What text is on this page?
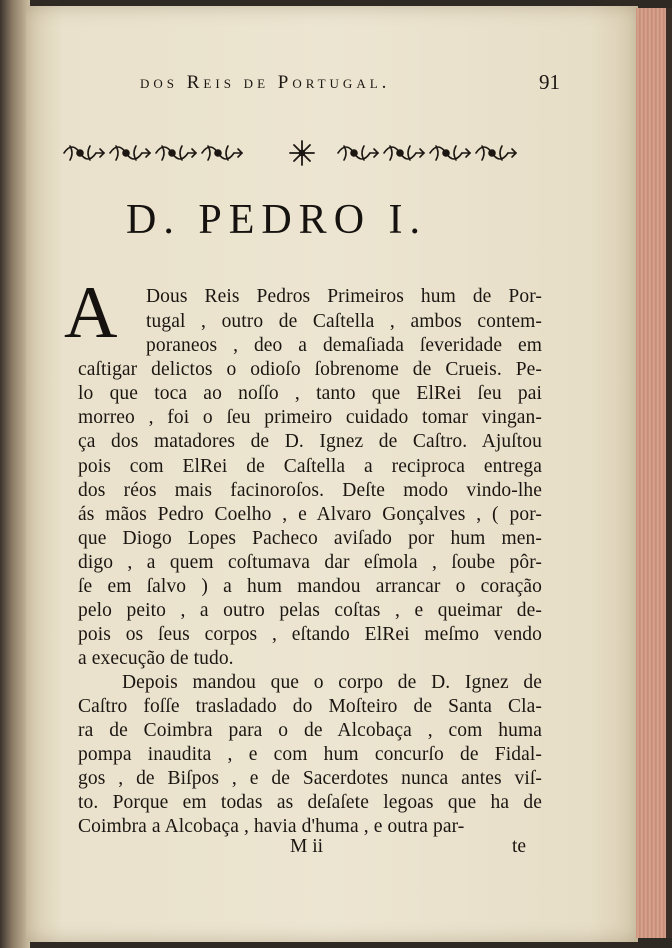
dos Reis de Portugal.	91
D. PEDRO I.
A Dous Reis Pedros Primeiros hum de Por-
tugal , outro de Caſtella , ambos contem-
poraneos , deo a demaſiada ſeveridade em
caſtigar delictos o odioſo ſobrenome de Crueis. Pe-
lo que toca ao noſſo , tanto que ElRei ſeu pai
morreo , foi o ſeu primeiro cuidado tomar vingan-
ça dos matadores de D. Ignez de Caſtro. Ajuſtou
pois com ElRei de Caſtella a reciproca entrega
dos réos mais facinoroſos. Deſte modo vindo-lhe
ás mãos Pedro Coelho , e Alvaro Gonçalves , ( por-
que Diogo Lopes Pacheco aviſado por hum men-
digo , a quem coſtumava dar eſmola , ſoube pôr-
ſe em ſalvo ) a hum mandou arrancar o coração
pelo peito , a outro pelas coſtas , e queimar de-
pois os ſeus corpos , eſtando ElRei meſmo vendo
a execução de tudo.
Depois mandou que o corpo de D. Ignez de
Caſtro foſſe trasladado do Moſteiro de Santa Cla-
ra de Coimbra para o de Alcobaça , com huma
pompa inaudita , e com hum concurſo de Fidal-
gos , de Biſpos , e de Sacerdotes nunca antes viſ-
to. Porque em todas as deſaſete legoas que ha de
Coimbra a Alcobaça , havia d'huma , e outra par-
M ii	te
